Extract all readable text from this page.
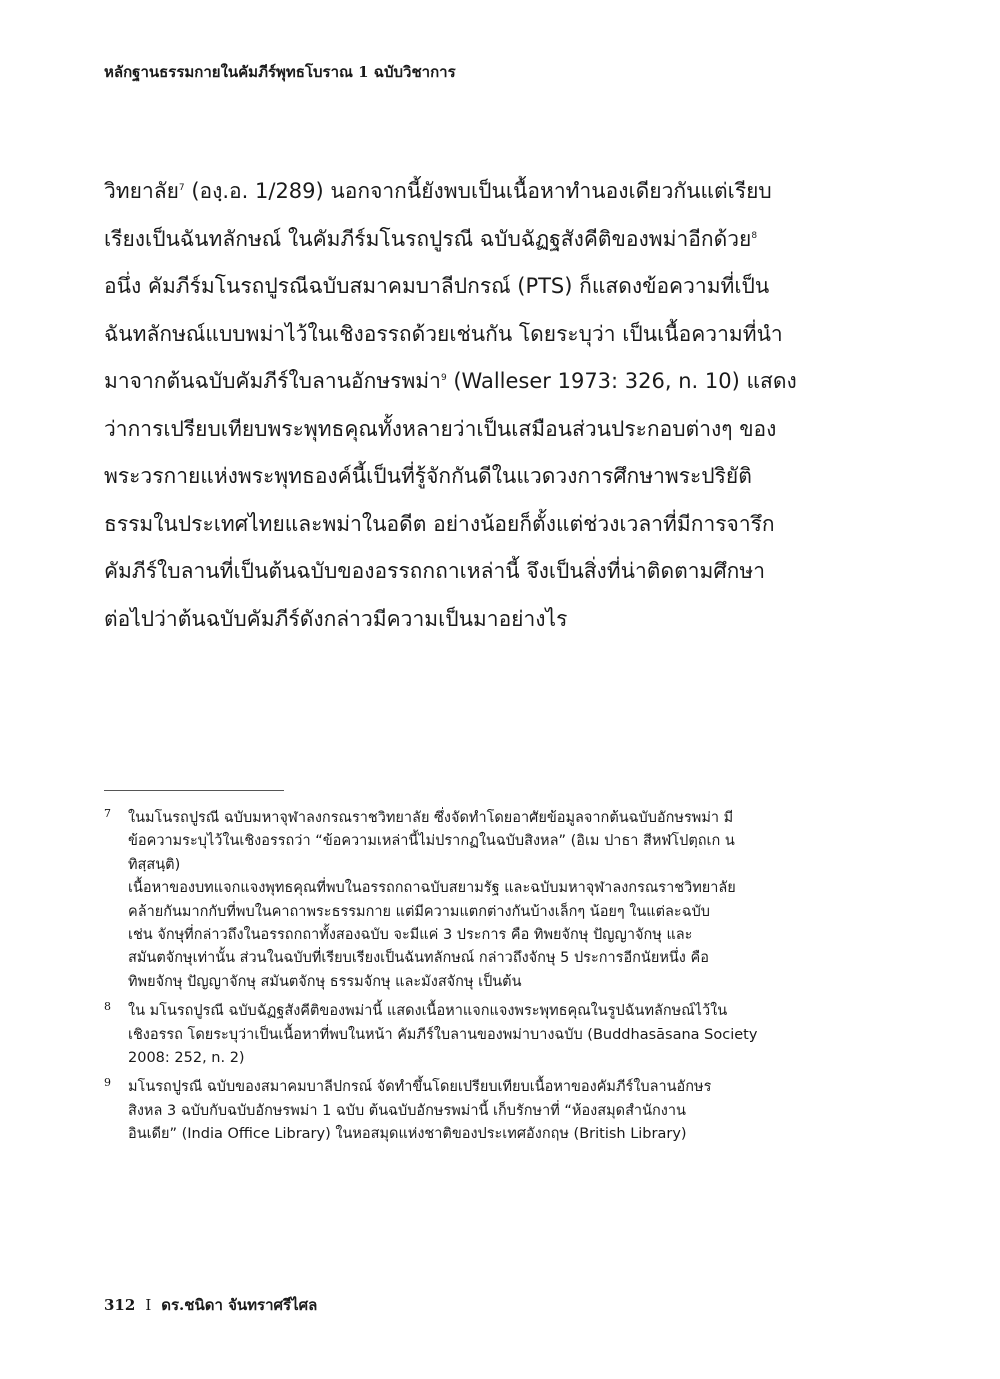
หลักฐานธรรมกายในคัมภีร์พุทธโบราณ 1 ฉบับวิชาการ
วิทยาลัย$^7$ (องฺ.อ. 1/289) นอกจากนี้ยังพบเป็นเนื้อหาทำนองเดียวกันแต่เรียบ
เรียงเป็นฉันทลักษณ์ ในคัมภีร์มโนรถปูรณี ฉบับฉัฏฐสังคีติของพม่าอีกด้วย$^8$
อนึ่ง คัมภีร์มโนรถปูรณีฉบับสมาคมบาลีปกรณ์ (PTS) ก็แสดงข้อความที่เป็น
ฉันทลักษณ์แบบพม่าไว้ในเชิงอรรถด้วยเช่นกัน โดยระบุว่า เป็นเนื้อความที่นำ
มาจากต้นฉบับคัมภีร์ใบลานอักษรพม่า$^9$ (Walleser 1973: 326, n. 10) แสดง
ว่าการเปรียบเทียบพระพุทธคุณทั้งหลายว่าเป็นเสมือนส่วนประกอบต่างๆ ของ
พระวรกายแห่งพระพุทธองค์นี้เป็นที่รู้จักกันดีในแวดวงการศึกษาพระปริยัติ
ธรรมในประเทศไทยและพม่าในอดีต อย่างน้อยก็ตั้งแต่ช่วงเวลาที่มีการจารึก
คัมภีร์ใบลานที่เป็นต้นฉบับของอรรถกถาเหล่านี้ จึงเป็นสิ่งที่น่าติดตามศึกษา
ต่อไปว่าต้นฉบับคัมภีร์ดังกล่าวมีความเป็นมาอย่างไร
7 ในมโนรถปูรณี ฉบับมหาจุฬาลงกรณราชวิทยาลัย ซึ่งจัดทำโดยอาศัยข้อมูลจากต้นฉบับอักษรพม่า มี
ข้อความระบุไว้ในเชิงอรรถว่า “ข้อความเหล่านี้ไม่ปรากฏในฉบับสิงหล” (อิเม ปาธา สีหฬโปตฺถเก น
ทิสฺสนฺติ)
เนื้อหาของบทแจกแจงพุทธคุณที่พบในอรรถกถาฉบับสยามรัฐ และฉบับมหาจุฬาลงกรณราชวิทยาลัย
คล้ายกันมากกับที่พบในคาถาพระธรรมกาย แต่มีความแตกต่างกันบ้างเล็กๆ น้อยๆ ในแต่ละฉบับ
เช่น จักษุที่กล่าวถึงในอรรถกถาทั้งสองฉบับ จะมีแค่ 3 ประการ คือ ทิพยจักษุ ปัญญาจักษุ และ
สมันตจักษุเท่านั้น ส่วนในฉบับที่เรียบเรียงเป็นฉันทลักษณ์ กล่าวถึงจักษุ 5 ประการอีกนัยหนึ่ง คือ
ทิพยจักษุ ปัญญาจักษุ สมันตจักษุ ธรรมจักษุ และมังสจักษุ เป็นต้น
8 ใน มโนรถปูรณี ฉบับฉัฏฐสังคีติของพม่านี้ แสดงเนื้อหาแจกแจงพระพุทธคุณในรูปฉันทลักษณ์ไว้ใน
เชิงอรรถ โดยระบุว่าเป็นเนื้อหาที่พบในหน้า คัมภีร์ใบลานของพม่าบางฉบับ (Buddhasāsana Society
2008: 252, n. 2)
9 มโนรถปูรณี ฉบับของสมาคมบาลีปกรณ์ จัดทำขึ้นโดยเปรียบเทียบเนื้อหาของคัมภีร์ใบลานอักษร
สิงหล 3 ฉบับกับฉบับอักษรพม่า 1 ฉบับ ต้นฉบับอักษรพม่านี้ เก็บรักษาที่ “ห้องสมุดสำนักงาน
อินเดีย” (India Office Library) ในหอสมุดแห่งชาติของประเทศอังกฤษ (British Library)
312 I ดร.ชนิดา จันทราศรีไศล
